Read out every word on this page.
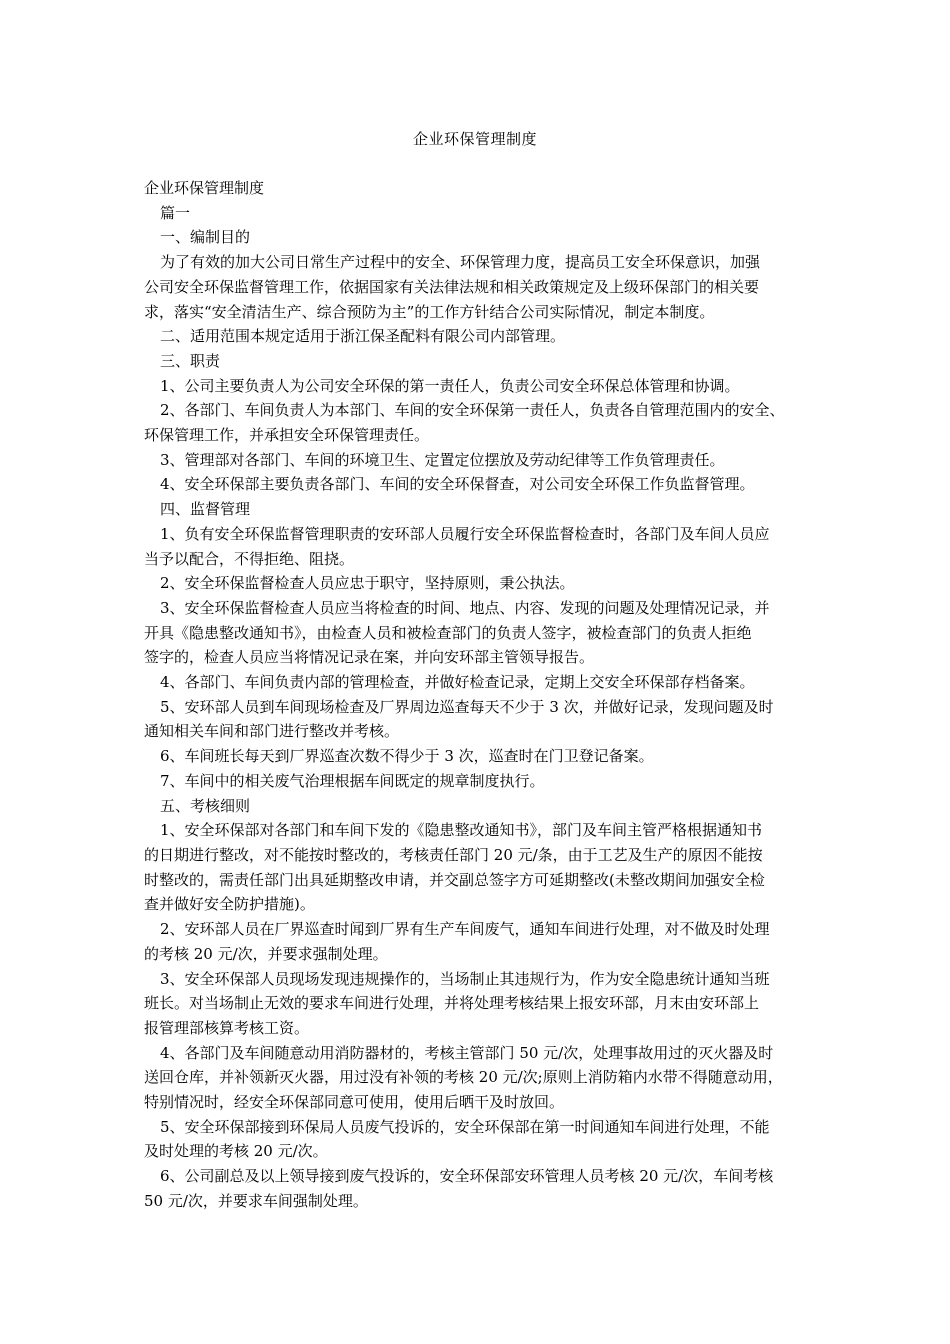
企业环保管理制度

企业环保管理制度

篇一

一、编制目的

为了有效的加大公司日常生产过程中的安全、环保管理力度，提高员工安全环保意识，加强

公司安全环保监督管理工作，依据国家有关法律法规和相关政策规定及上级环保部门的相关要
求，落实“安全清洁生产、综合预防为主”的工作方针结合公司实际情况，制定本制度。

二、适用范围本规定适用于浙江保圣配料有限公司内部管理。

三、职责

1、公司主要负责人为公司安全环保的第一责任人，负责公司安全环保总体管理和协调。

2、各部门、车间负责人为本部门、车间的安全环保第一责任人，负责各自管理范围内的安全、

环保管理工作，并承担安全环保管理责任。

3、管理部对各部门、车间的环境卫生、定置定位摆放及劳动纪律等工作负管理责任。

4、安全环保部主要负责各部门、车间的安全环保督查，对公司安全环保工作负监督管理。

四、监督管理

1、负有安全环保监督管理职责的安环部人员履行安全环保监督检查时，各部门及车间人员应

当予以配合，不得拒绝、阻挠。

2、安全环保监督检查人员应忠于职守，坚持原则，秉公执法。

3、安全环保监督检查人员应当将检查的时间、地点、内容、发现的问题及处理情况记录，并

开具《隐患整改通知书》，由检查人员和被检查部门的负责人签字，被检查部门的负责人拒绝
签字的，检查人员应当将情况记录在案，并向安环部主管领导报告。

4、各部门、车间负责内部的管理检查，并做好检查记录，定期上交安全环保部存档备案。

5、安环部人员到车间现场检查及厂界周边巡查每天不少于 3 次，并做好记录，发现问题及时

通知相关车间和部门进行整改并考核。

6、车间班长每天到厂界巡查次数不得少于 3 次，巡查时在门卫登记备案。

7、车间中的相关废气治理根据车间既定的规章制度执行。

五、考核细则

1、安全环保部对各部门和车间下发的《隐患整改通知书》，部门及车间主管严格根据通知书

的日期进行整改，对不能按时整改的，考核责任部门 20 元/条，由于工艺及生产的原因不能按
时整改的，需责任部门出具延期整改申请，并交副总签字方可延期整改(未整改期间加强安全检
查并做好安全防护措施)。

2、安环部人员在厂界巡查时闻到厂界有生产车间废气，通知车间进行处理，对不做及时处理

的考核 20 元/次，并要求强制处理。

3、安全环保部人员现场发现违规操作的，当场制止其违规行为，作为安全隐患统计通知当班

班长。对当场制止无效的要求车间进行处理，并将处理考核结果上报安环部，月末由安环部上
报管理部核算考核工资。

4、各部门及车间随意动用消防器材的，考核主管部门 50 元/次，处理事故用过的灭火器及时

送回仓库，并补领新灭火器，用过没有补领的考核 20 元/次;原则上消防箱内水带不得随意动用，
特别情况时，经安全环保部同意可使用，使用后晒干及时放回。

5、安全环保部接到环保局人员废气投诉的，安全环保部在第一时间通知车间进行处理，不能

及时处理的考核 20 元/次。

6、公司副总及以上领导接到废气投诉的，安全环保部安环管理人员考核 20 元/次，车间考核

50 元/次，并要求车间强制处理。
